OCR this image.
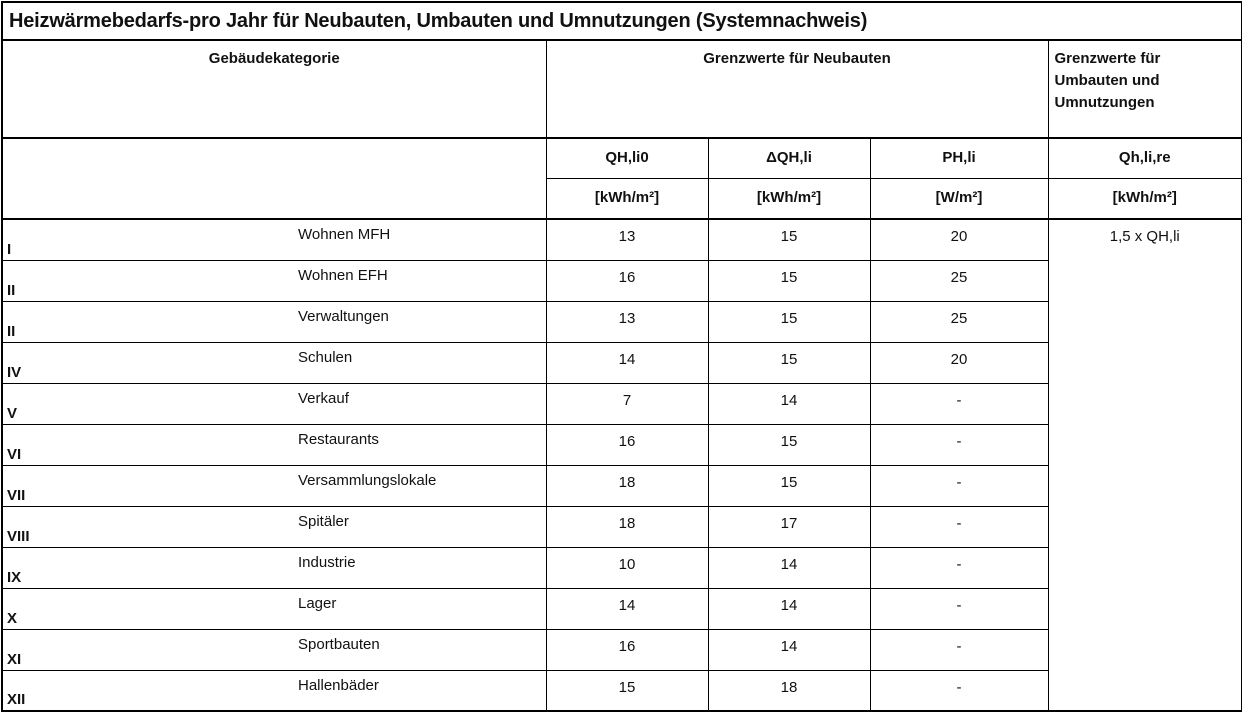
Heizwärmebedarfs-pro Jahr für Neubauten, Umbauten und Umnutzungen (Systemnachweis)					
Gebäudekategorie		Grenzwerte für Neubauten			Grenzwerte für
Umbauten und
Umnutzungen
		QH,li0	ΔQH,li	PH,li	Qh,li,re
		[kWh/m²]	[kWh/m²]	[W/m²]	[kWh/m²]
I	Wohnen MFH	13	15	20	1,5 x QH,li
II	Wohnen EFH	16	15	25	
II	Verwaltungen	13	15	25	
IV	Schulen	14	15	20	
V	Verkauf	7	14	-	
VI	Restaurants	16	15	-	
VII	Versammlungslokale	18	15	-	
VIII	Spitäler	18	17	-	
IX	Industrie	10	14	-	
X	Lager	14	14	-	
XI	Sportbauten	16	14	-	
XII	Hallenbäder	15	18	-	
